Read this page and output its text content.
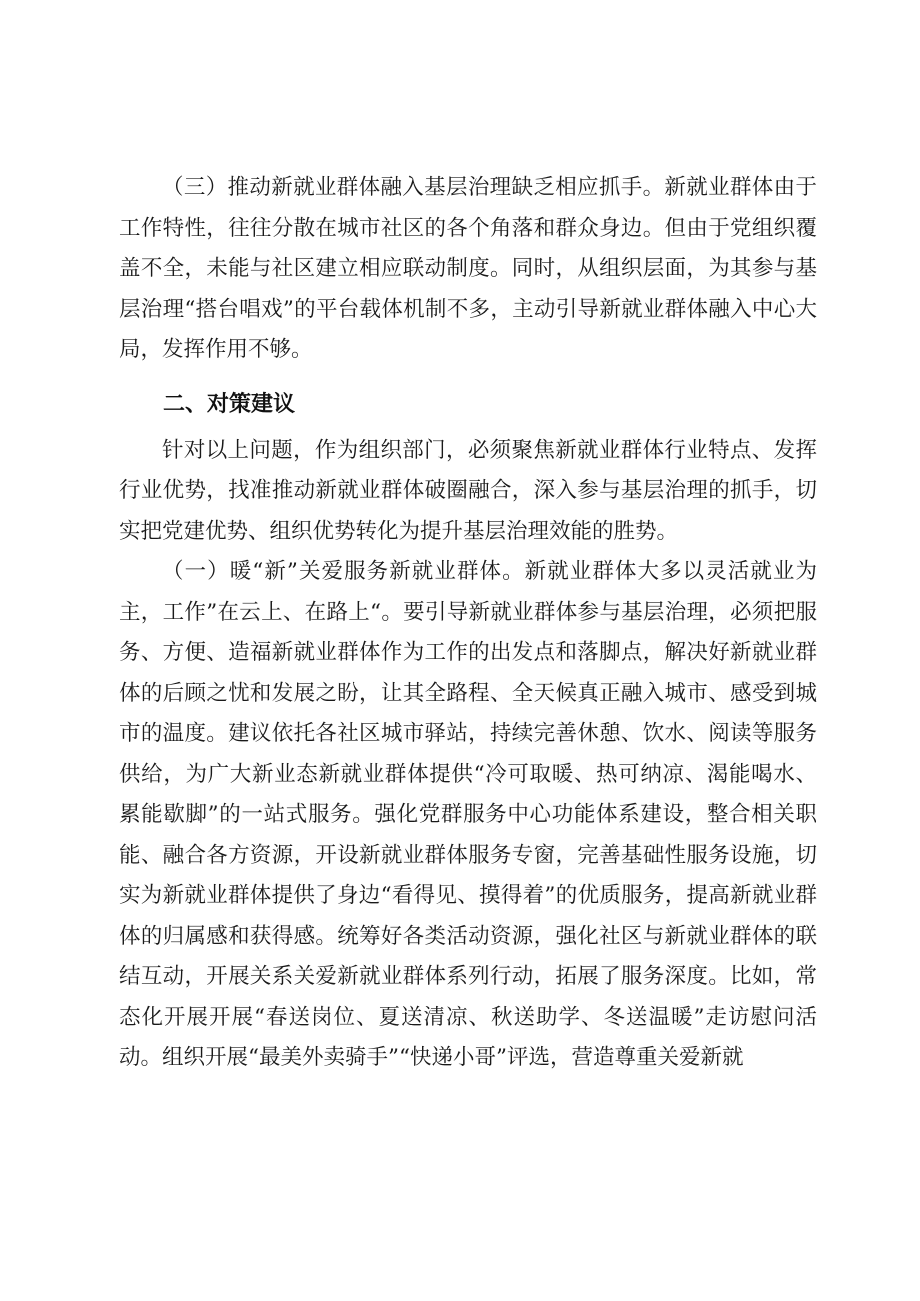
（三）推动新就业群体融入基层治理缺乏相应抓手。新就业群体由于工作特性，往往分散在城市社区的各个角落和群众身边。但由于党组织覆盖不全，未能与社区建立相应联动制度。同时，从组织层面，为其参与基层治理“搭台唱戏”的平台载体机制不多，主动引导新就业群体融入中心大局，发挥作用不够。

二、对策建议

针对以上问题，作为组织部门，必须聚焦新就业群体行业特点、发挥行业优势，找准推动新就业群体破圈融合，深入参与基层治理的抓手，切实把党建优势、组织优势转化为提升基层治理效能的胜势。

（一）暖“新”关爱服务新就业群体。新就业群体大多以灵活就业为主，工作”在云上、在路上“。要引导新就业群体参与基层治理，必须把服务、方便、造福新就业群体作为工作的出发点和落脚点，解决好新就业群体的后顾之忧和发展之盼，让其全路程、全天候真正融入城市、感受到城市的温度。建议依托各社区城市驿站，持续完善休憩、饮水、阅读等服务供给，为广大新业态新就业群体提供“冷可取暖、热可纳凉、渴能喝水、累能歇脚”的一站式服务。强化党群服务中心功能体系建设，整合相关职能、融合各方资源，开设新就业群体服务专窗，完善基础性服务设施，切实为新就业群体提供了身边“看得见、摸得着”的优质服务，提高新就业群体的归属感和获得感。统筹好各类活动资源，强化社区与新就业群体的联结互动，开展关系关爱新就业群体系列行动，拓展了服务深度。比如，常态化开展开展“春送岗位、夏送清凉、秋送助学、冬送温暖”走访慰问活动。组织开展“最美外卖骑手”“快递小哥”评选，营造尊重关爱新就
